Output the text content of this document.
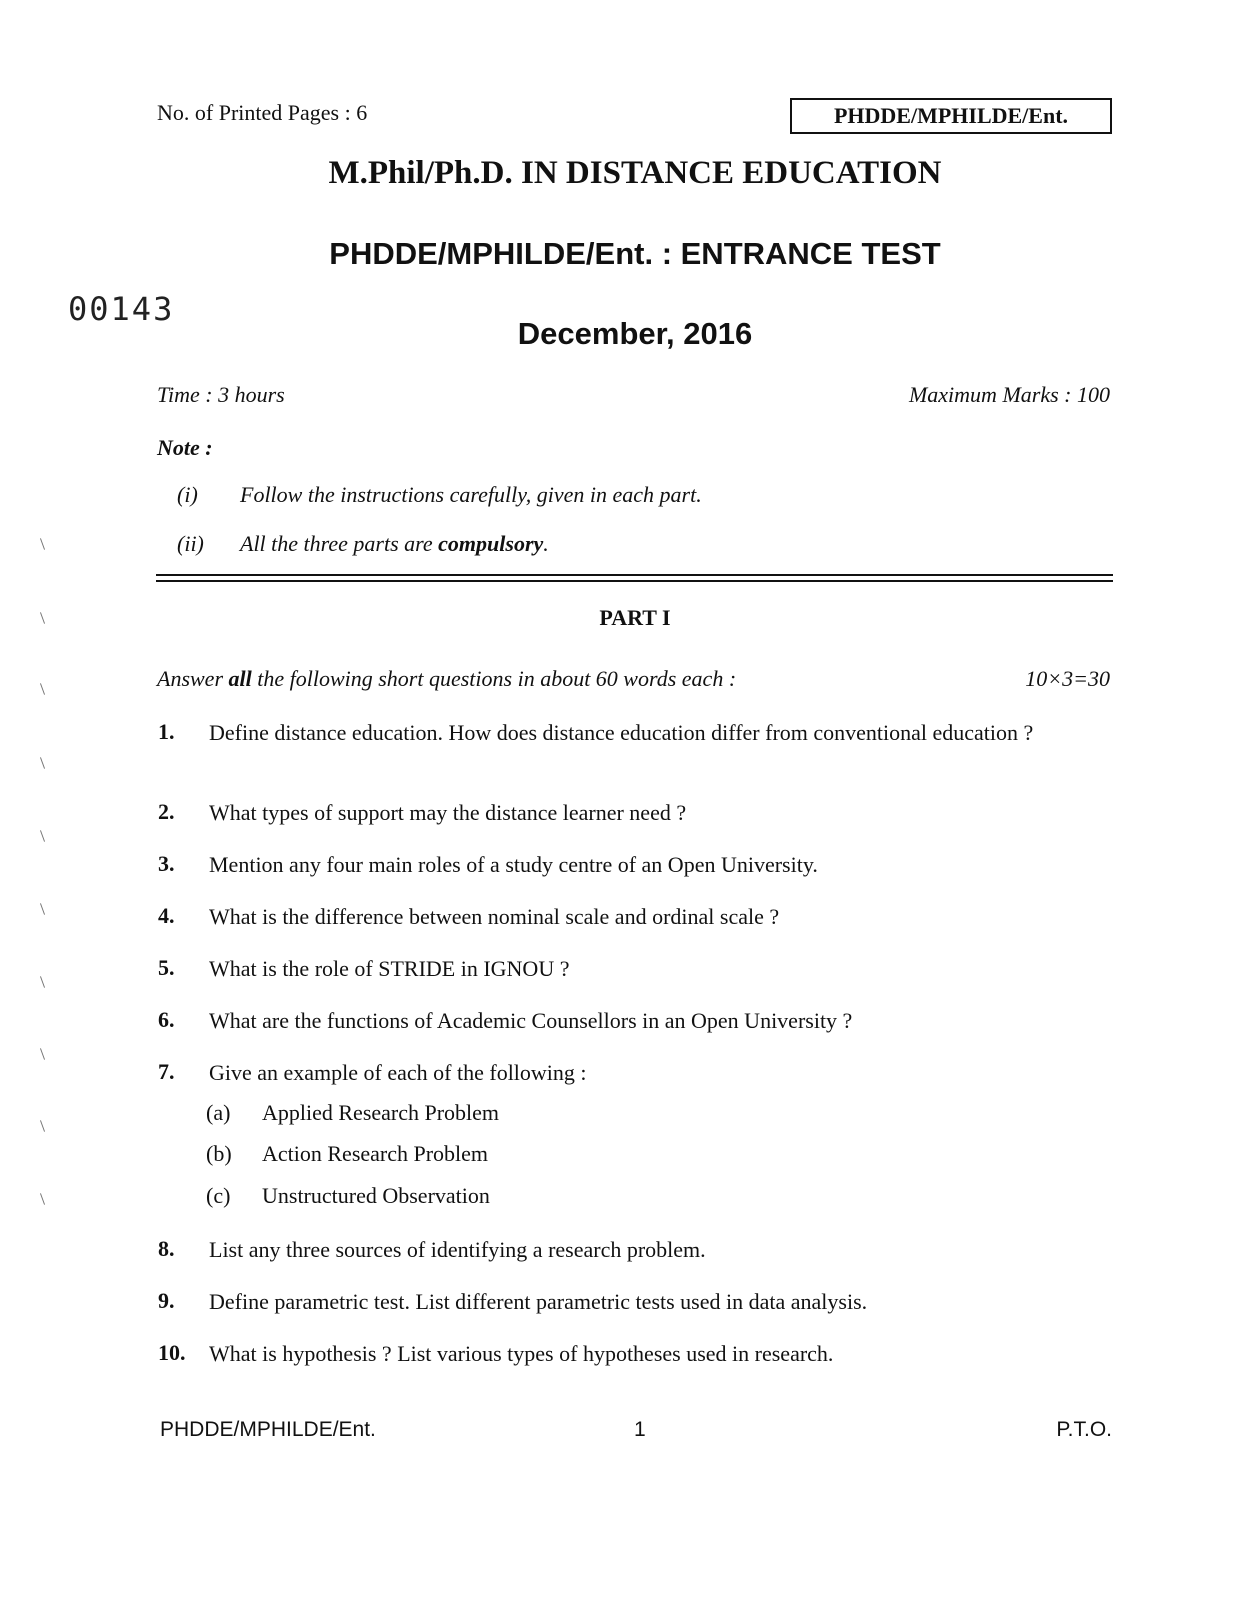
No. of Printed Pages : 6	PHDDE/MPHILDE/Ent.
M.Phil/Ph.D. IN DISTANCE EDUCATION
PHDDE/MPHILDE/Ent. : ENTRANCE TEST
00143
December, 2016
Time : 3 hours	Maximum Marks : 100
Note :
(i) Follow the instructions carefully, given in each part.
(ii) All the three parts are compulsory.
PART I
Answer all the following short questions in about 60 words each :	10×3=30
1. Define distance education. How does distance education differ from conventional education ?
2. What types of support may the distance learner need ?
3. Mention any four main roles of a study centre of an Open University.
4. What is the difference between nominal scale and ordinal scale ?
5. What is the role of STRIDE in IGNOU ?
6. What are the functions of Academic Counsellors in an Open University ?
7. Give an example of each of the following :
(a) Applied Research Problem
(b) Action Research Problem
(c) Unstructured Observation
8. List any three sources of identifying a research problem.
9. Define parametric test. List different parametric tests used in data analysis.
10. What is hypothesis ? List various types of hypotheses used in research.
PHDDE/MPHILDE/Ent.	1	P.T.O.
